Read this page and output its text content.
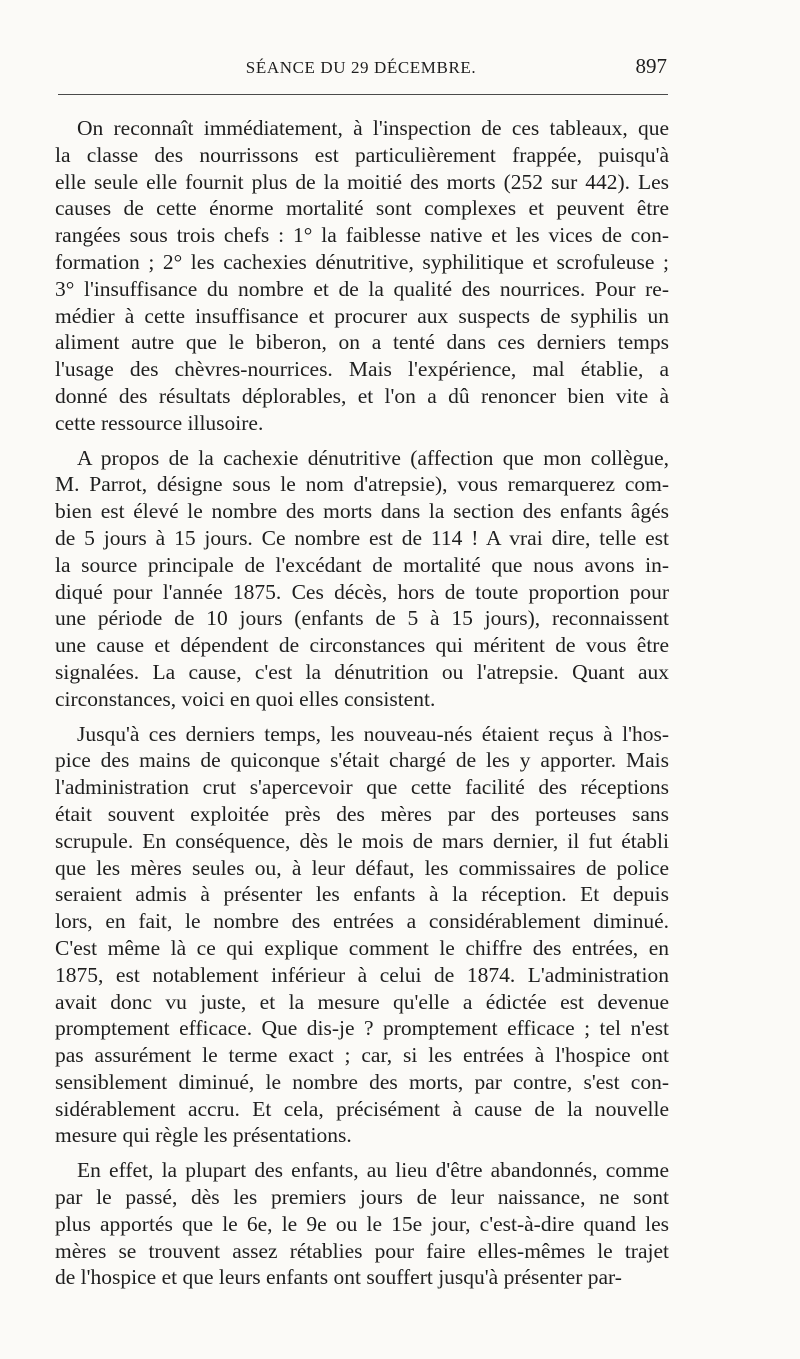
SÉANCE DU 29 DÉCEMBRE.	897
On reconnaît immédiatement, à l'inspection de ces tableaux, que
la classe des nourrissons est particulièrement frappée, puisqu'à
elle seule elle fournit plus de la moitié des morts (252 sur 442). Les
causes de cette énorme mortalité sont complexes et peuvent être
rangées sous trois chefs : 1° la faiblesse native et les vices de con-
formation ; 2° les cachexies dénutritive, syphilitique et scrofuleuse ;
3° l'insuffisance du nombre et de la qualité des nourrices. Pour re-
médier à cette insuffisance et procurer aux suspects de syphilis un
aliment autre que le biberon, on a tenté dans ces derniers temps
l'usage des chèvres-nourrices. Mais l'expérience, mal établie, a
donné des résultats déplorables, et l'on a dû renoncer bien vite à
cette ressource illusoire.
A propos de la cachexie dénutritive (affection que mon collègue,
M. Parrot, désigne sous le nom d'atrepsie), vous remarquerez com-
bien est élevé le nombre des morts dans la section des enfants âgés
de 5 jours à 15 jours. Ce nombre est de 114 ! A vrai dire, telle est
la source principale de l'excédant de mortalité que nous avons in-
diqué pour l'année 1875. Ces décès, hors de toute proportion pour
une période de 10 jours (enfants de 5 à 15 jours), reconnaissent
une cause et dépendent de circonstances qui méritent de vous être
signalées. La cause, c'est la dénutrition ou l'atrepsie. Quant aux
circonstances, voici en quoi elles consistent.
Jusqu'à ces derniers temps, les nouveau-nés étaient reçus à l'hos-
pice des mains de quiconque s'était chargé de les y apporter. Mais
l'administration crut s'apercevoir que cette facilité des réceptions
était souvent exploitée près des mères par des porteuses sans
scrupule. En conséquence, dès le mois de mars dernier, il fut établi
que les mères seules ou, à leur défaut, les commissaires de police
seraient admis à présenter les enfants à la réception. Et depuis
lors, en fait, le nombre des entrées a considérablement diminué.
C'est même là ce qui explique comment le chiffre des entrées, en
1875, est notablement inférieur à celui de 1874. L'administration
avait donc vu juste, et la mesure qu'elle a édictée est devenue
promptement efficace. Que dis-je ? promptement efficace ; tel n'est
pas assurément le terme exact ; car, si les entrées à l'hospice ont
sensiblement diminué, le nombre des morts, par contre, s'est con-
sidérablement accru. Et cela, précisément à cause de la nouvelle
mesure qui règle les présentations.
En effet, la plupart des enfants, au lieu d'être abandonnés, comme
par le passé, dès les premiers jours de leur naissance, ne sont
plus apportés que le 6e, le 9e ou le 15e jour, c'est-à-dire quand les
mères se trouvent assez rétablies pour faire elles-mêmes le trajet
de l'hospice et que leurs enfants ont souffert jusqu'à présenter par-
